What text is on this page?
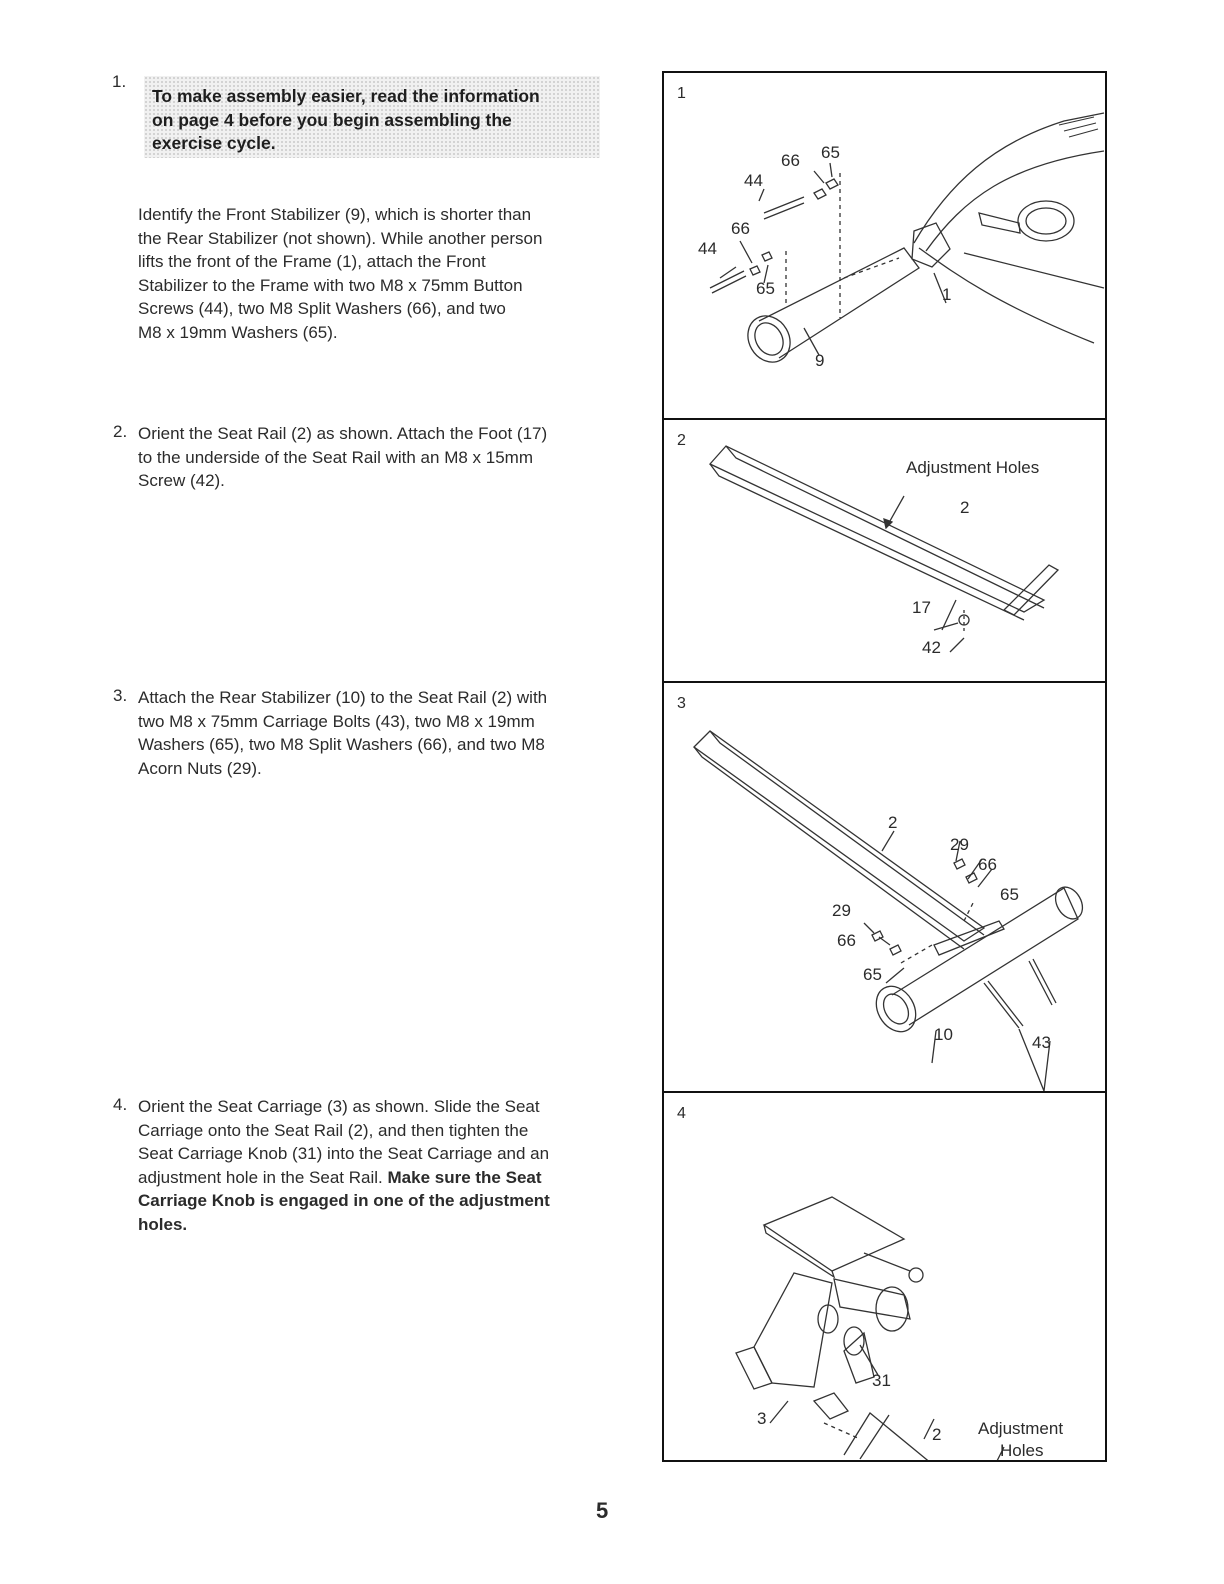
1.

To make assembly easier, read the information
on page 4 before you begin assembling the
exercise cycle.

Identify the Front Stabilizer (9), which is shorter than
the Rear Stabilizer (not shown). While another person
lifts the front of the Frame (1), attach the Front
Stabilizer to the Frame with two M8 x 75mm Button
Screws (44), two M8 Split Washers (66), and two
M8 x 19mm Washers (65).

2. Orient the Seat Rail (2) as shown. Attach the Foot (17)
to the underside of the Seat Rail with an M8 x 15mm
Screw (42).

3. Attach the Rear Stabilizer (10) to the Seat Rail (2) with
two M8 x 75mm Carriage Bolts (43), two M8 x 19mm
Washers (65), two M8 Split Washers (66), and two M8
Acorn Nuts (29).

4. Orient the Seat Carriage (3) as shown. Slide the Seat
Carriage onto the Seat Rail (2), and then tighten the
Seat Carriage Knob (31) into the Seat Carriage and an
adjustment hole in the Seat Rail. Make sure the Seat
Carriage Knob is engaged in one of the adjustment
holes.

1
66 65
44
66
44
65	1
9
2
Adjustment Holes
2
17
42
3
2
29
66
65
29
66
65
10	43
4
31
3
2 Adjustment
Holes
5
